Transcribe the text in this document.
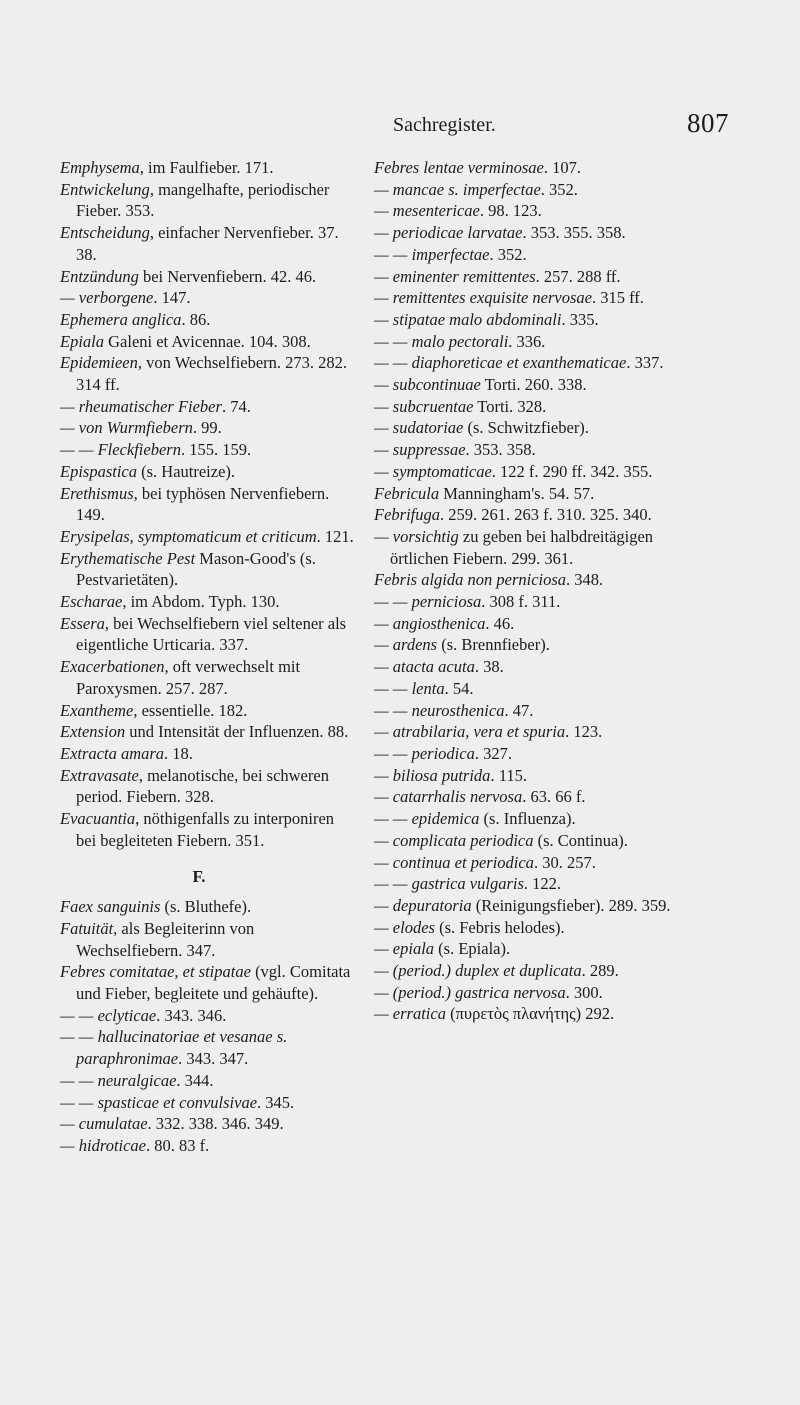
Sachregister.	807
Emphysema, im Faulfieber. 171.
Entwickelung, mangelhafte, periodischer Fieber. 353.
Entscheidung, einfacher Nervenfieber. 37. 38.
Entzündung bei Nervenfiebern. 42. 46.
— verborgene. 147.
Ephemera anglica. 86.
Epiala Galeni et Avicennae. 104. 308.
Epidemieen, von Wechselfiebern. 273. 282. 314 ff.
— rheumatischer Fieber. 74.
— von Wurmfiebern. 99.
— — Fleckfiebern. 155. 159.
Epispastica (s. Hautreize).
Erethismus, bei typhösen Nervenfiebern. 149.
Erysipelas, symptomaticum et criticum. 121.
Erythematische Pest Mason-Good's (s. Pestvarietäten).
Escharae, im Abdom. Typh. 130.
Essera, bei Wechselfiebern viel seltener als eigentliche Urticaria. 337.
Exacerbationen, oft verwechselt mit Paroxysmen. 257. 287.
Exantheme, essentielle. 182.
Extension und Intensität der Influenzen. 88.
Extracta amara. 18.
Extravasate, melanotische, bei schweren period. Fiebern. 328.
Evacuantia, nöthigenfalls zu interponiren bei begleiteten Fiebern. 351.
F.
Faex sanguinis (s. Bluthefe).
Fatuität, als Begleiterinn von Wechselfiebern. 347.
Febres comitatae, et stipatae (vgl. Comitata und Fieber, begleitete und gehäufte).
— — eclyticae. 343. 346.
— — hallucinatoriae et vesanae s. paraphronimae. 343. 347.
— — neuralgicae. 344.
— — spasticae et convulsivae. 345.
— cumulatae. 332. 338. 346. 349.
— hidroticae. 80. 83 f.
Febres lentae verminosae. 107.
— mancae s. imperfectae. 352.
— mesentericae. 98. 123.
— periodicae larvatae. 353. 355. 358.
— — imperfectae. 352.
— eminenter remittentes. 257. 288 ff.
— remittentes exquisite nervosae. 315 ff.
— stipatae malo abdominali. 335.
— — malo pectorali. 336.
— — diaphoreticae et exanthematicae. 337.
— subcontinuae Torti. 260. 338.
— subcruentae Torti. 328.
— sudatoriae (s. Schwitzfieber).
— suppressae. 353. 358.
— symptomaticae. 122 f. 290 ff. 342. 355.
Febricula Manningham's. 54. 57.
Febrifuga. 259. 261. 263 f. 310. 325. 340.
— vorsichtig zu geben bei halbdreitägigen örtlichen Fiebern. 299. 361.
Febris algida non perniciosa. 348.
— — perniciosa. 308 f. 311.
— angiosthenica. 46.
— ardens (s. Brennfieber).
— atacta acuta. 38.
— — lenta. 54.
— — neurosthenica. 47.
— atrabilaria, vera et spuria. 123.
— — periodica. 327.
— biliosa putrida. 115.
— catarrhalis nervosa. 63. 66 f.
— — epidemica (s. Influenza).
— complicata periodica (s. Continua).
— continua et periodica. 30. 257.
— — gastrica vulgaris. 122.
— depuratoria (Reinigungsfieber). 289. 359.
— elodes (s. Febris helodes).
— epiala (s. Epiala).
— (period.) duplex et duplicata. 289.
— (period.) gastrica nervosa. 300.
— erratica (πυρετὸς πλανήτης) 292.
